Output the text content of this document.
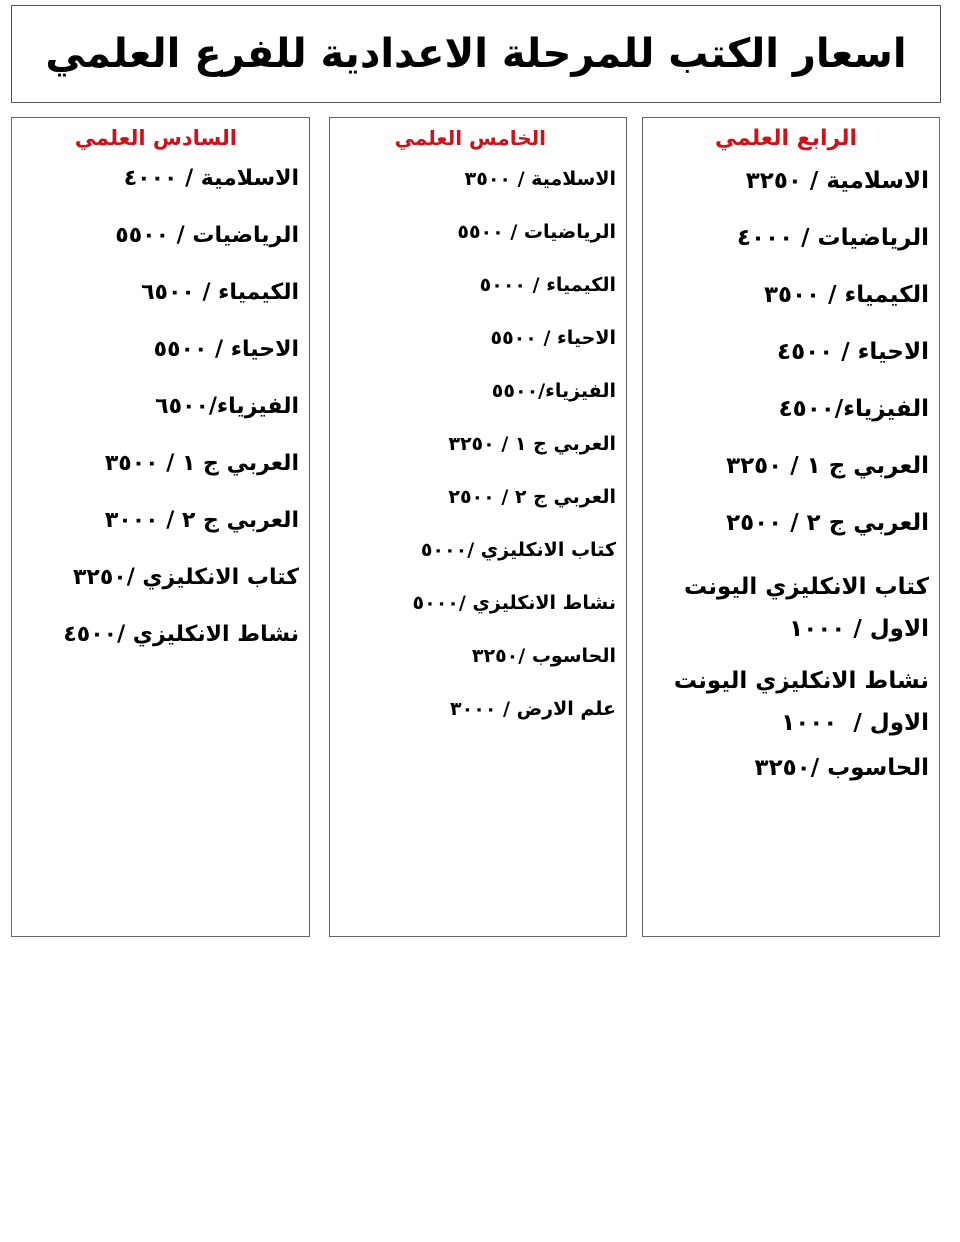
اسعار الكتب للمرحلة الاعدادية للفرع العلمي
الرابع العلمي
الاسلامية / ٣٢٥٠
الرياضيات / ٤٠٠٠
الكيمياء / ٣٥٠٠
الاحياء / ٤٥٠٠
الفيزياء/٤٥٠٠
العربي ج ١ / ٣٢٥٠
العربي ج ٢ / ٢٥٠٠
كتاب الانكليزي اليونت الاول / ١٠٠٠
نشاط الانكليزي اليونت الاول /  ١٠٠٠
الحاسوب /٣٢٥٠
الخامس العلمي
الاسلامية / ٣٥٠٠
الرياضيات / ٥٥٠٠
الكيمياء / ٥٠٠٠
الاحياء / ٥٥٠٠
الفيزياء/٥٥٠٠
العربي ج ١ / ٣٢٥٠
العربي ج ٢ / ٢٥٠٠
كتاب الانكليزي /٥٠٠٠
نشاط الانكليزي /٥٠٠٠
الحاسوب /٣٢٥٠
علم الارض / ٣٠٠٠
السادس العلمي
الاسلامية / ٤٠٠٠
الرياضيات / ٥٥٠٠
الكيمياء / ٦٥٠٠
الاحياء / ٥٥٠٠
الفيزياء/٦٥٠٠
العربي ج ١ / ٣٥٠٠
العربي ج ٢ / ٣٠٠٠
كتاب الانكليزي /٣٢٥٠
نشاط الانكليزي /٤٥٠٠
